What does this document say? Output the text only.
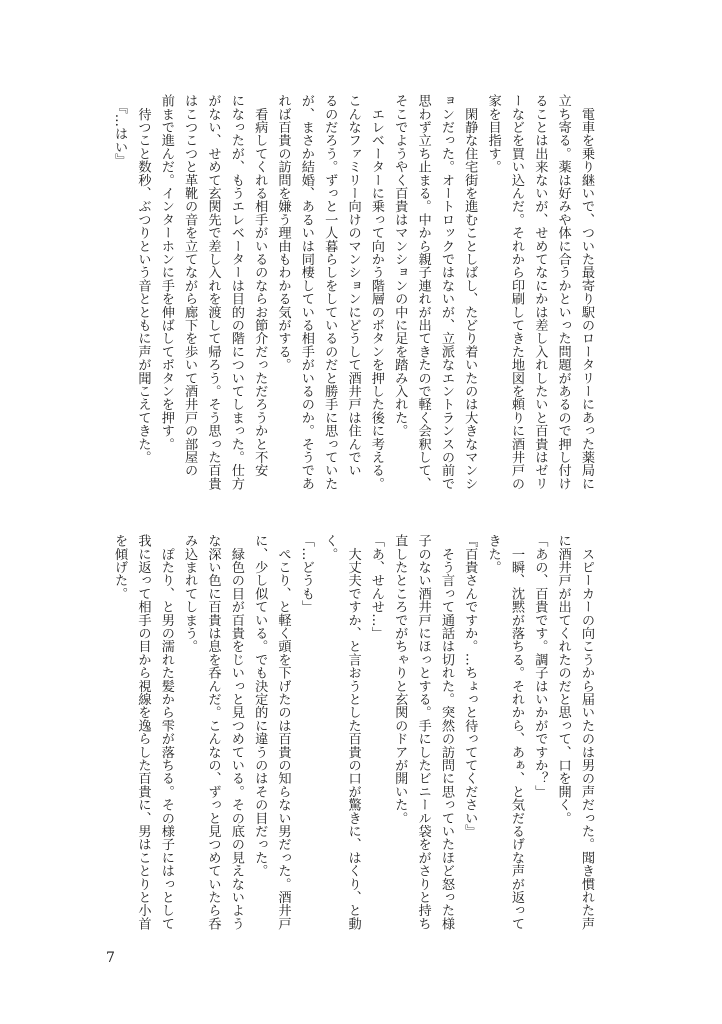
　電車を乗り継いで、ついた最寄り駅のロータリーにあった薬局に
立ち寄る。薬は好みや体に合うかといった問題があるので押し付け
ることは出来ないが、せめてなにかは差し入れしたいと百貴はゼリ
ーなどを買い込んだ。それから印刷してきた地図を頼りに酒井戸の
家を目指す。
　閑静な住宅街を進むことしばし、たどり着いたのは大きなマンシ
ョンだった。オートロックではないが、立派なエントランスの前で
思わず立ち止まる。中から親子連れが出てきたので軽く会釈して、
そこでようやく百貴はマンションの中に足を踏み入れた。
　エレベーターに乗って向かう階層のボタンを押した後に考える。
こんなファミリー向けのマンションにどうして酒井戸は住んでい
るのだろう。ずっと一人暮らしをしているのだと勝手に思っていた
が、まさか結婚、あるいは同棲している相手がいるのか。そうであ
れば百貴の訪問を嫌う理由もわかる気がする。
　看病してくれる相手がいるのならお節介だっただろうかと不安
になったが、もうエレベーターは目的の階についてしまった。仕方
がない、せめて玄関先で差し入れを渡して帰ろう。そう思った百貴
はこつこつと革靴の音を立てながら廊下を歩いて酒井戸の部屋の
前まで進んだ。インターホンに手を伸ばしてボタンを押す。
　待つこと数秒、ぶつりという音とともに声が聞こえてきた。
　『…はい』
　スピーカーの向こうから届いたのは男の声だった。聞き慣れた声
に酒井戸が出てくれたのだと思って、口を開く。
「あの、百貴です。調子はいかがですか？」
　一瞬、沈黙が落ちる。それから、あぁ、と気だるげな声が返って
きた。
『百貴さんですか。…ちょっと待っててください』
　そう言って通話は切れた。突然の訪問に思っていたほど怒った様
子のない酒井戸にほっとする。手にしたビニール袋をがさりと持ち
直したところでがちゃりと玄関のドアが開いた。
「あ、せんせ…」
　大丈夫ですか、と言おうとした百貴の口が驚きに、はくり、と動
く。
「…どうも」
　ぺこり、と軽く頭を下げたのは百貴の知らない男だった。酒井戸
に、少し似ている。でも決定的に違うのはその目だった。
　緑色の目が百貴をじいっと見つめている。その底の見えないよう
な深い色に百貴は息を呑んだ。こんなの、ずっと見つめていたら呑
み込まれてしまう。
　ぽたり、と男の濡れた髪から雫が落ちる。その様子にはっとして
我に返って相手の目から視線を逸らした百貴に、男はことりと小首
を傾げた。
7
